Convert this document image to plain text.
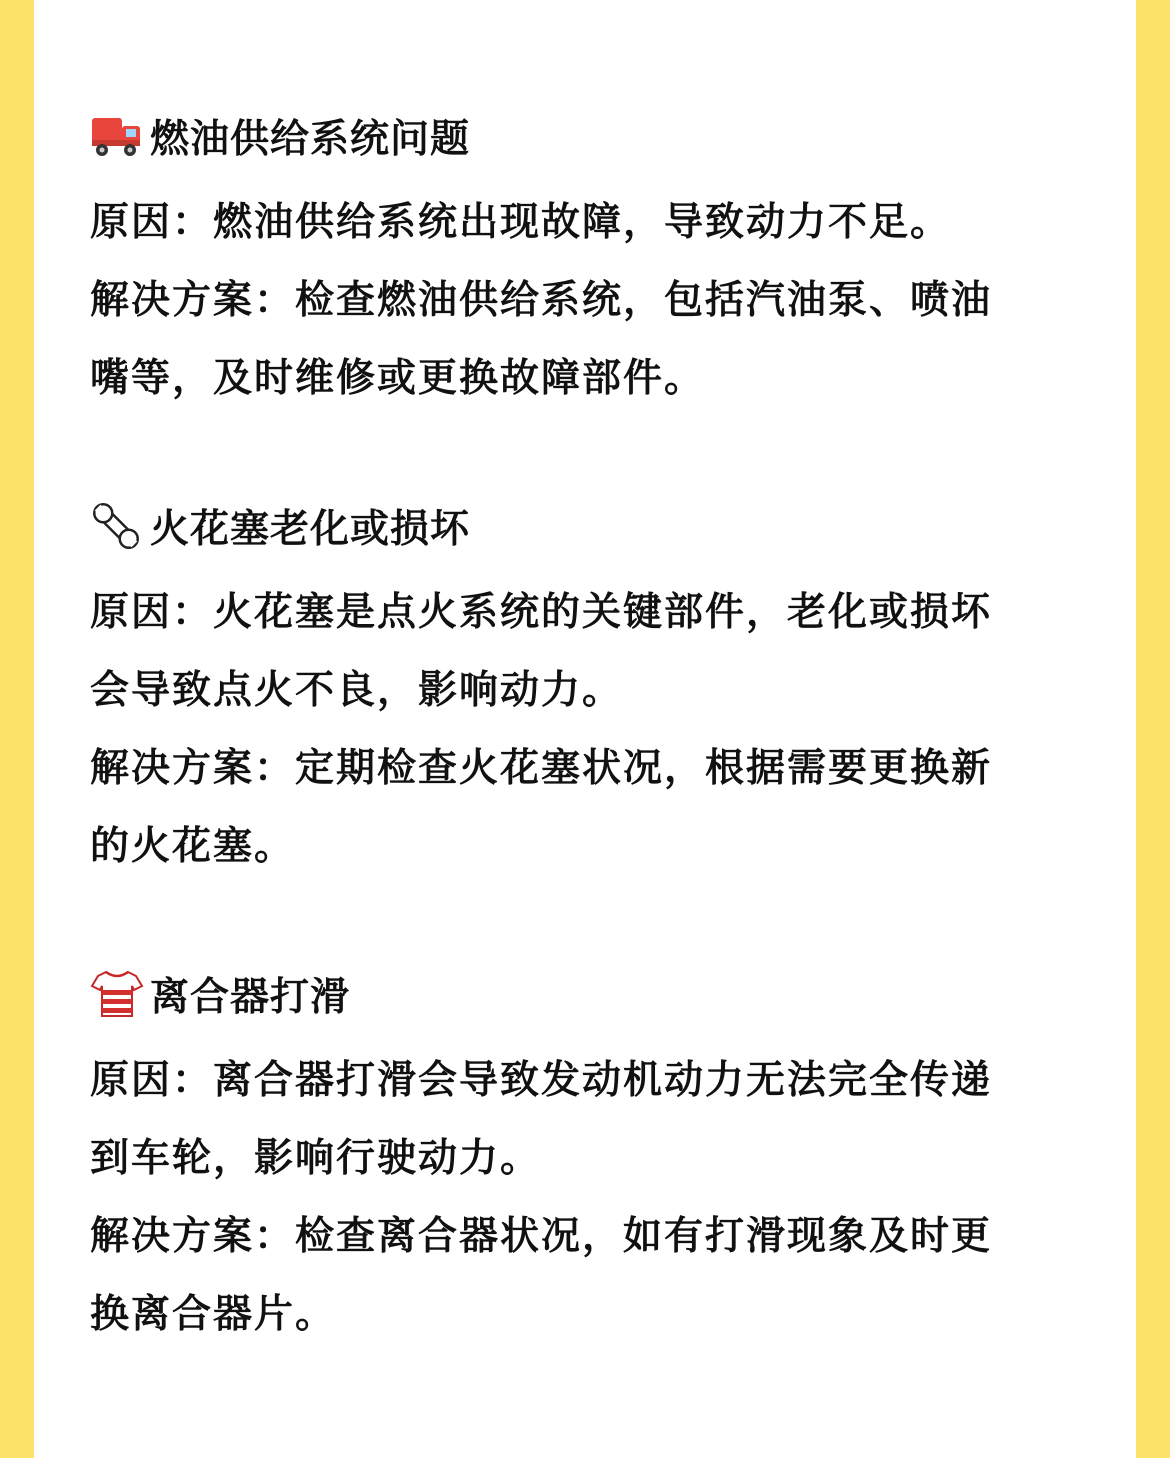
燃油供给系统问题
原因：燃油供给系统出现故障，导致动力不足。
解决方案：检查燃油供给系统，包括汽油泵、喷油
嘴等，及时维修或更换故障部件。
火花塞老化或损坏
原因：火花塞是点火系统的关键部件，老化或损坏
会导致点火不良，影响动力。
解决方案：定期检查火花塞状况，根据需要更换新
的火花塞。
离合器打滑
原因：离合器打滑会导致发动机动力无法完全传递
到车轮，影响行驶动力。
解决方案：检查离合器状况，如有打滑现象及时更
换离合器片。
